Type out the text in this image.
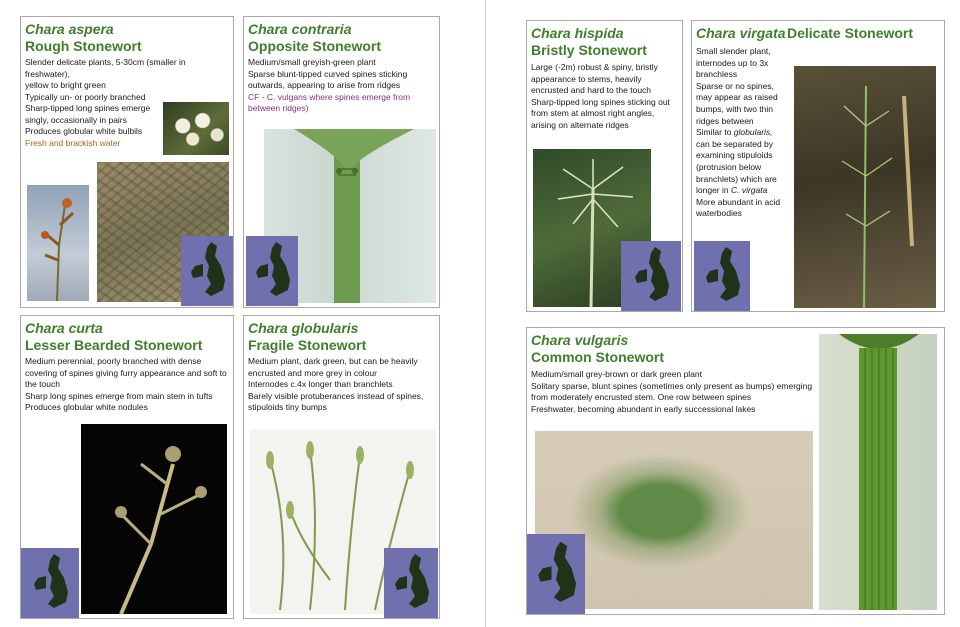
Chara aspera
Rough Stonewort
Slender delicate plants, 5-30cm (smaller in freshwater),
yellow to bright green
Typically un- or poorly branched
Sharp-tipped long spines emerge
singly, occasionally in pairs
Produces globular white bulbils
Fresh and brackish water
Chara contraria
Opposite Stonewort
Medium/small greyish-green plant
Sparse blunt-tipped curved spines sticking
outwards, appearing to arise from ridges
CF - C. vulgans where spines emerge from
between ridges)
Chara curta
Lesser Bearded Stonewort
Medium perennial, poorly branched with dense
covering of spines giving furry appearance and soft to
the touch
Sharp long spines emerge from main stem in tufts
Produces globular white nodules
Chara globularis
Fragile Stonewort
Medium plant, dark green, but can be heavily
encrusted and more grey in colour
Internodes c.4x longer than branchlets
Barely visible protuberances instead of spines,
stipuloids tiny bumps
Chara hispida
Bristly Stonewort
Large (-2m) robust & spiny, bristly
appearance to stems, heavily
encrusted and hard to the touch
Sharp-tipped long spines sticking out
from stem at almost right angles,
arising on alternate ridges
Chara virgata Delicate Stonewort
Small slender plant,
internodes up to 3x
branchless
Sparse or no spines,
may appear as raised
bumps, with two thin
ridges between
Similar to globularis,
can be separated by
examining stipuloids
(protrusion below
branchlets) which are
longer in C. virgata
More abundant in acid
waterbodies
Chara vulgaris
Common Stonewort
Medium/small grey-brown or dark green plant
Solitary sparse, blunt spines (sometimes only present as bumps) emerging
from moderately encrusted stem. One row between spines
Freshwater, becoming abundant in early successional lakes
